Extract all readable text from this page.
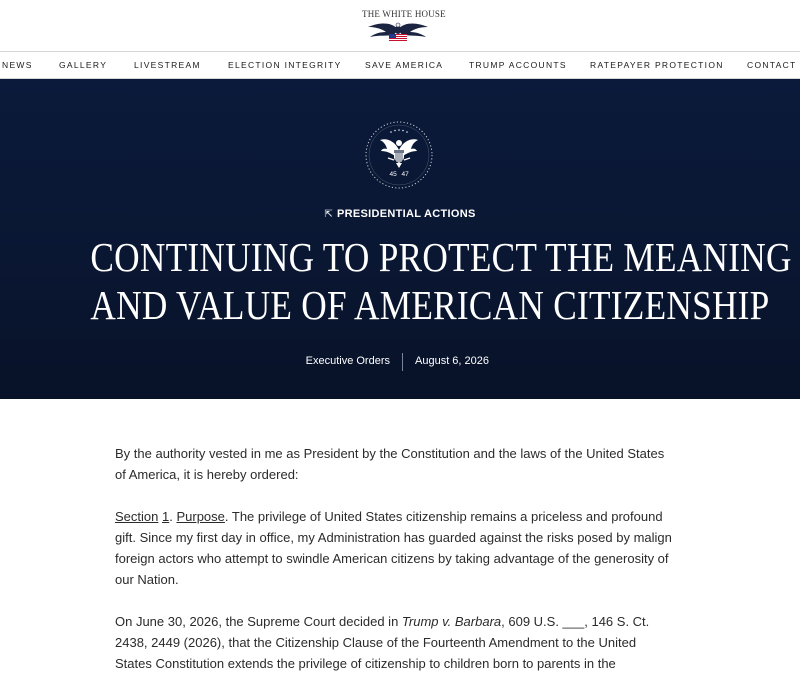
THE WHITE HOUSE
NEWS	GALLERY	LIVESTREAM	ELECTION INTEGRITY	SAVE AMERICA	TRUMP ACCOUNTS	RATEPAYER PROTECTION	CONTACT
45 47
⇱ PRESIDENTIAL ACTIONS
CONTINUING TO PROTECT THE MEANING
AND VALUE OF AMERICAN CITIZENSHIP
Executive Orders August 6, 2026

By the authority vested in me as President by the Constitution and the laws of the United States of America, it is hereby ordered:

Section 1. Purpose. The privilege of United States citizenship remains a priceless and profound gift. Since my first day in office, my Administration has guarded against the risks posed by malign foreign actors who attempt to swindle American citizens by taking advantage of the generosity of our Nation.

On June 30, 2026, the Supreme Court decided in Trump v. Barbara, 609 U.S. ___, 146 S. Ct. 2438, 2449 (2026), that the Citizenship Clause of the Fourteenth Amendment to the United States Constitution extends the privilege of citizenship to children born to parents in the
